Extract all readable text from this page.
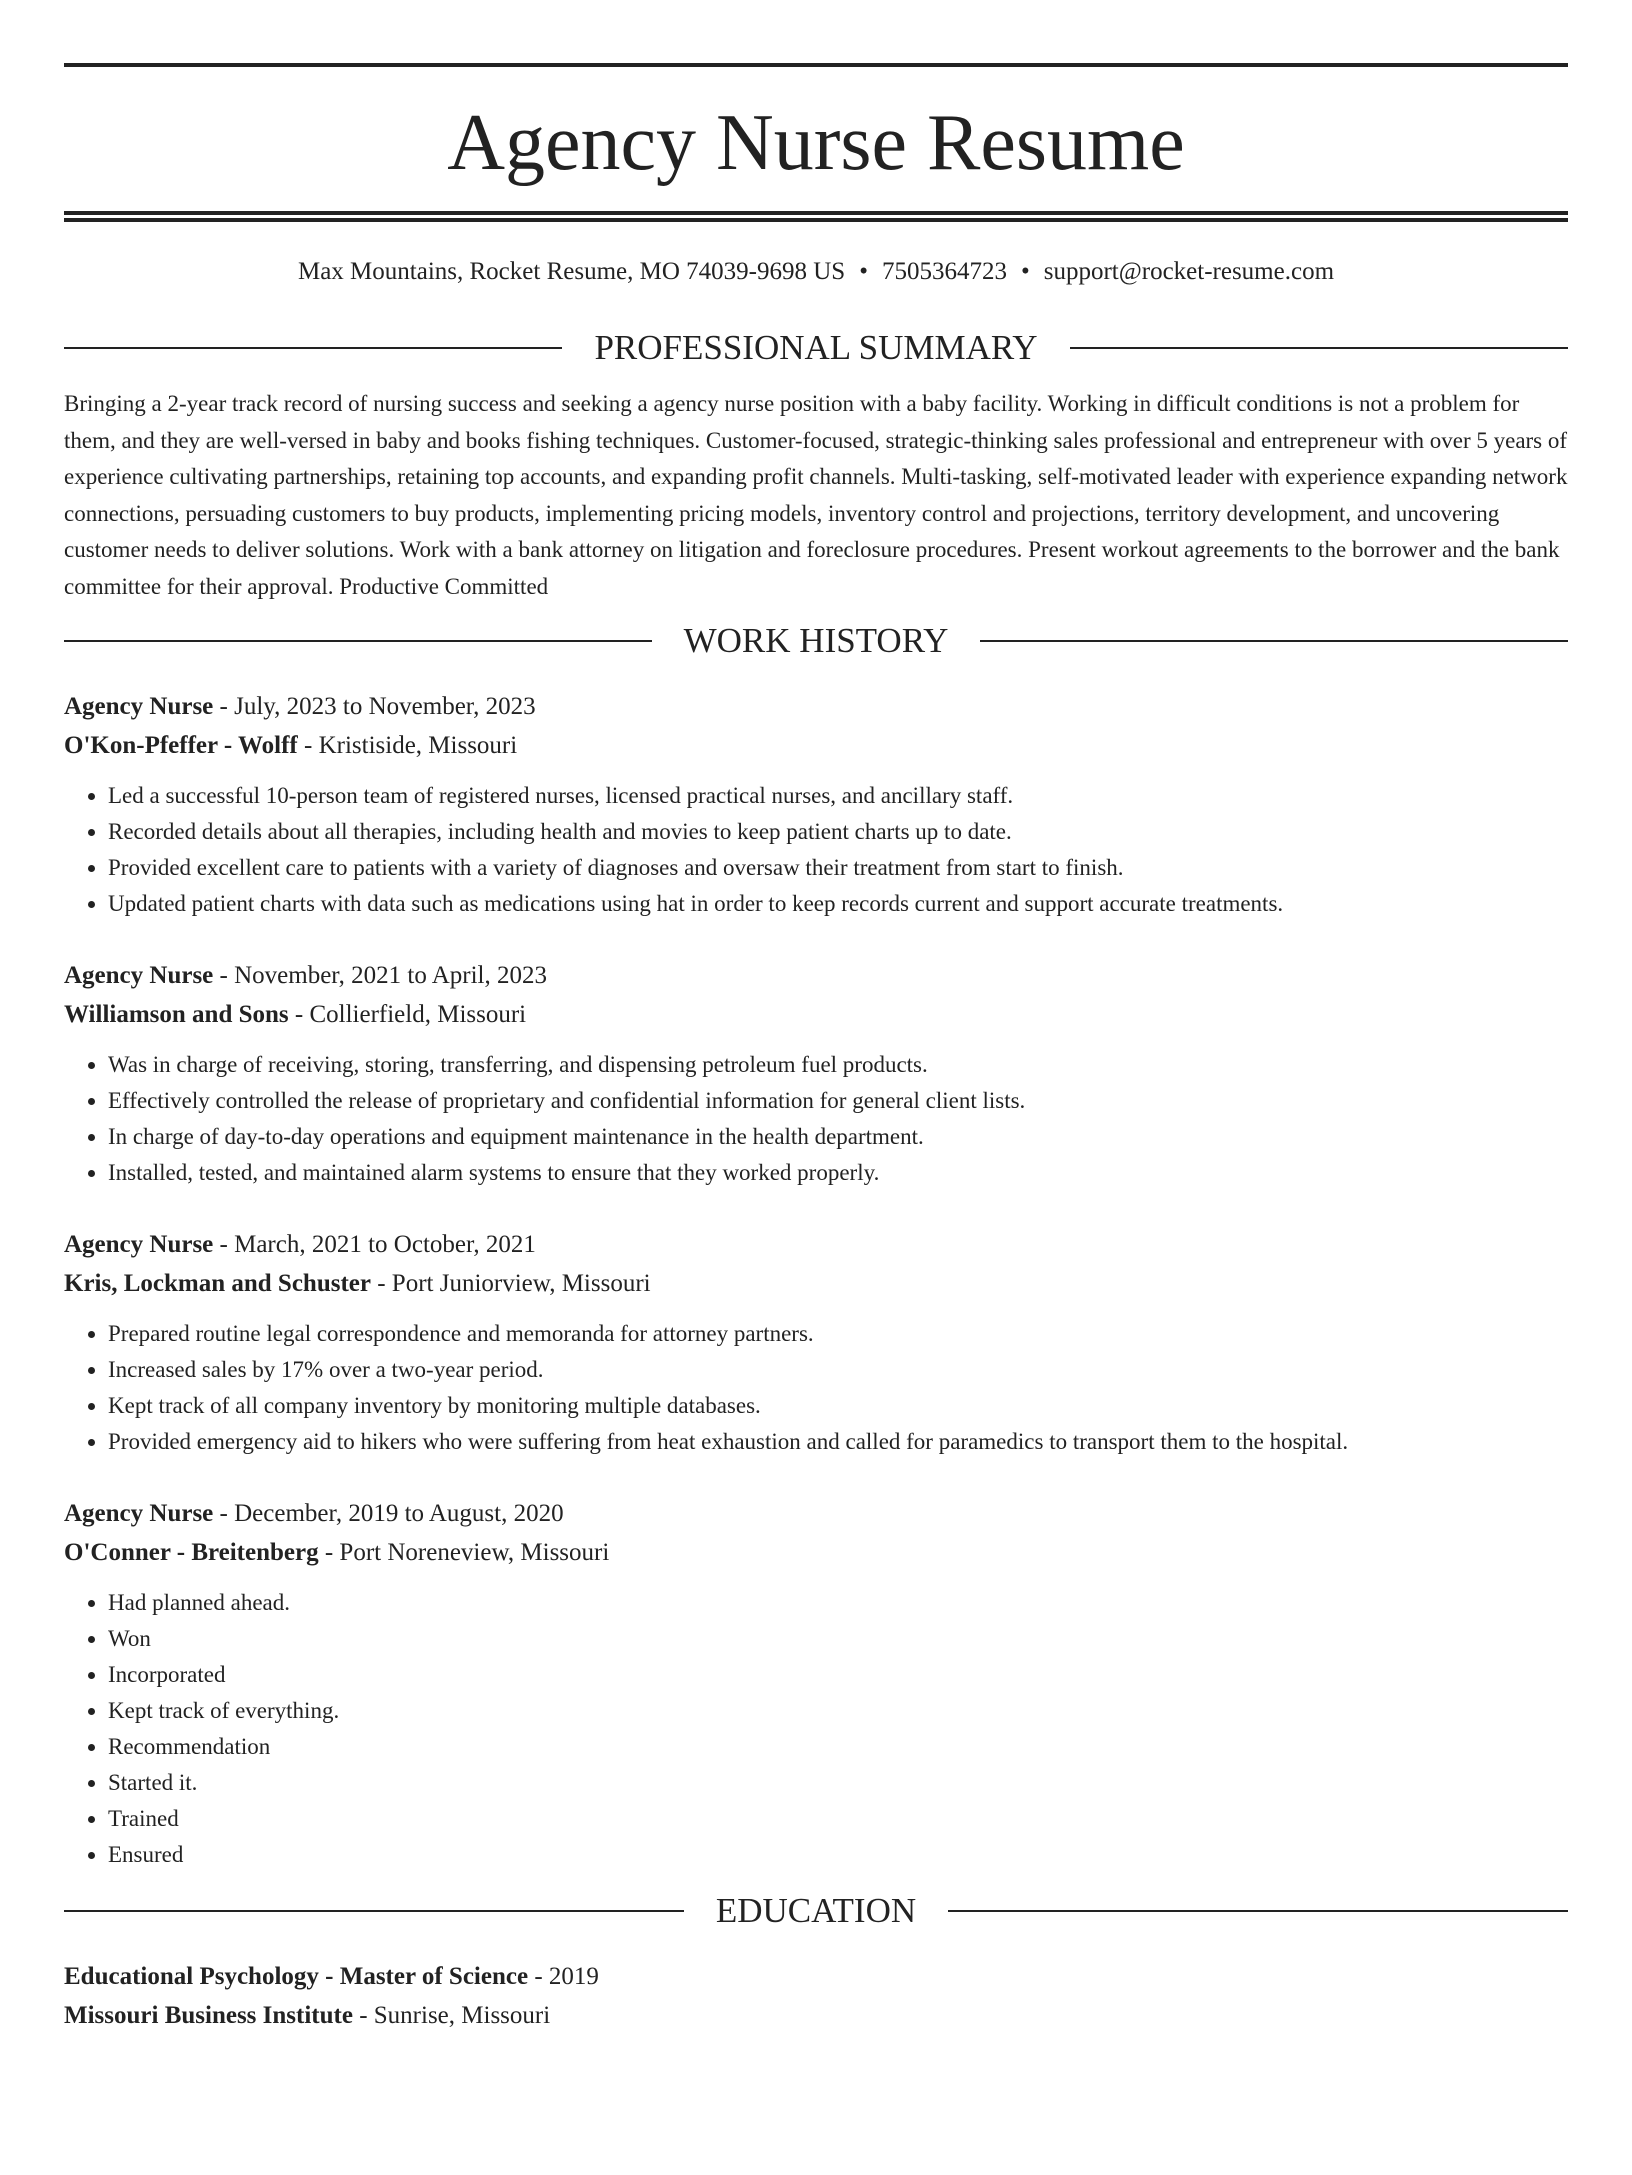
Agency Nurse Resume
Max Mountains, Rocket Resume, MO 74039-9698 US • 7505364723 • support@rocket-resume.com
PROFESSIONAL SUMMARY

Bringing a 2-year track record of nursing success and seeking a agency nurse position with a baby facility. Working in difficult conditions is not a problem for them, and they are well-versed in baby and books fishing techniques. Customer-focused, strategic-thinking sales professional and entrepreneur with over 5 years of experience cultivating partnerships, retaining top accounts, and expanding profit channels. Multi-tasking, self-motivated leader with experience expanding network connections, persuading customers to buy products, implementing pricing models, inventory control and projections, territory development, and uncovering customer needs to deliver solutions. Work with a bank attorney on litigation and foreclosure procedures. Present workout agreements to the borrower and the bank committee for their approval. Productive Committed

WORK HISTORY
Agency Nurse - July, 2023 to November, 2023
O'Kon-Pfeffer - Wolff - Kristiside, Missouri
• Led a successful 10-person team of registered nurses, licensed practical nurses, and ancillary staff.
• Recorded details about all therapies, including health and movies to keep patient charts up to date.
• Provided excellent care to patients with a variety of diagnoses and oversaw their treatment from start to finish.
• Updated patient charts with data such as medications using hat in order to keep records current and support accurate treatments.
Agency Nurse - November, 2021 to April, 2023
Williamson and Sons - Collierfield, Missouri
• Was in charge of receiving, storing, transferring, and dispensing petroleum fuel products.
• Effectively controlled the release of proprietary and confidential information for general client lists.
• In charge of day-to-day operations and equipment maintenance in the health department.
• Installed, tested, and maintained alarm systems to ensure that they worked properly.
Agency Nurse - March, 2021 to October, 2021
Kris, Lockman and Schuster - Port Juniorview, Missouri
• Prepared routine legal correspondence and memoranda for attorney partners.
• Increased sales by 17% over a two-year period.
• Kept track of all company inventory by monitoring multiple databases.
• Provided emergency aid to hikers who were suffering from heat exhaustion and called for paramedics to transport them to the hospital.
Agency Nurse - December, 2019 to August, 2020
O'Conner - Breitenberg - Port Noreneview, Missouri
• Had planned ahead.
• Won
• Incorporated
• Kept track of everything.
• Recommendation
• Started it.
• Trained
• Ensured
EDUCATION
Educational Psychology - Master of Science - 2019
Missouri Business Institute - Sunrise, Missouri
